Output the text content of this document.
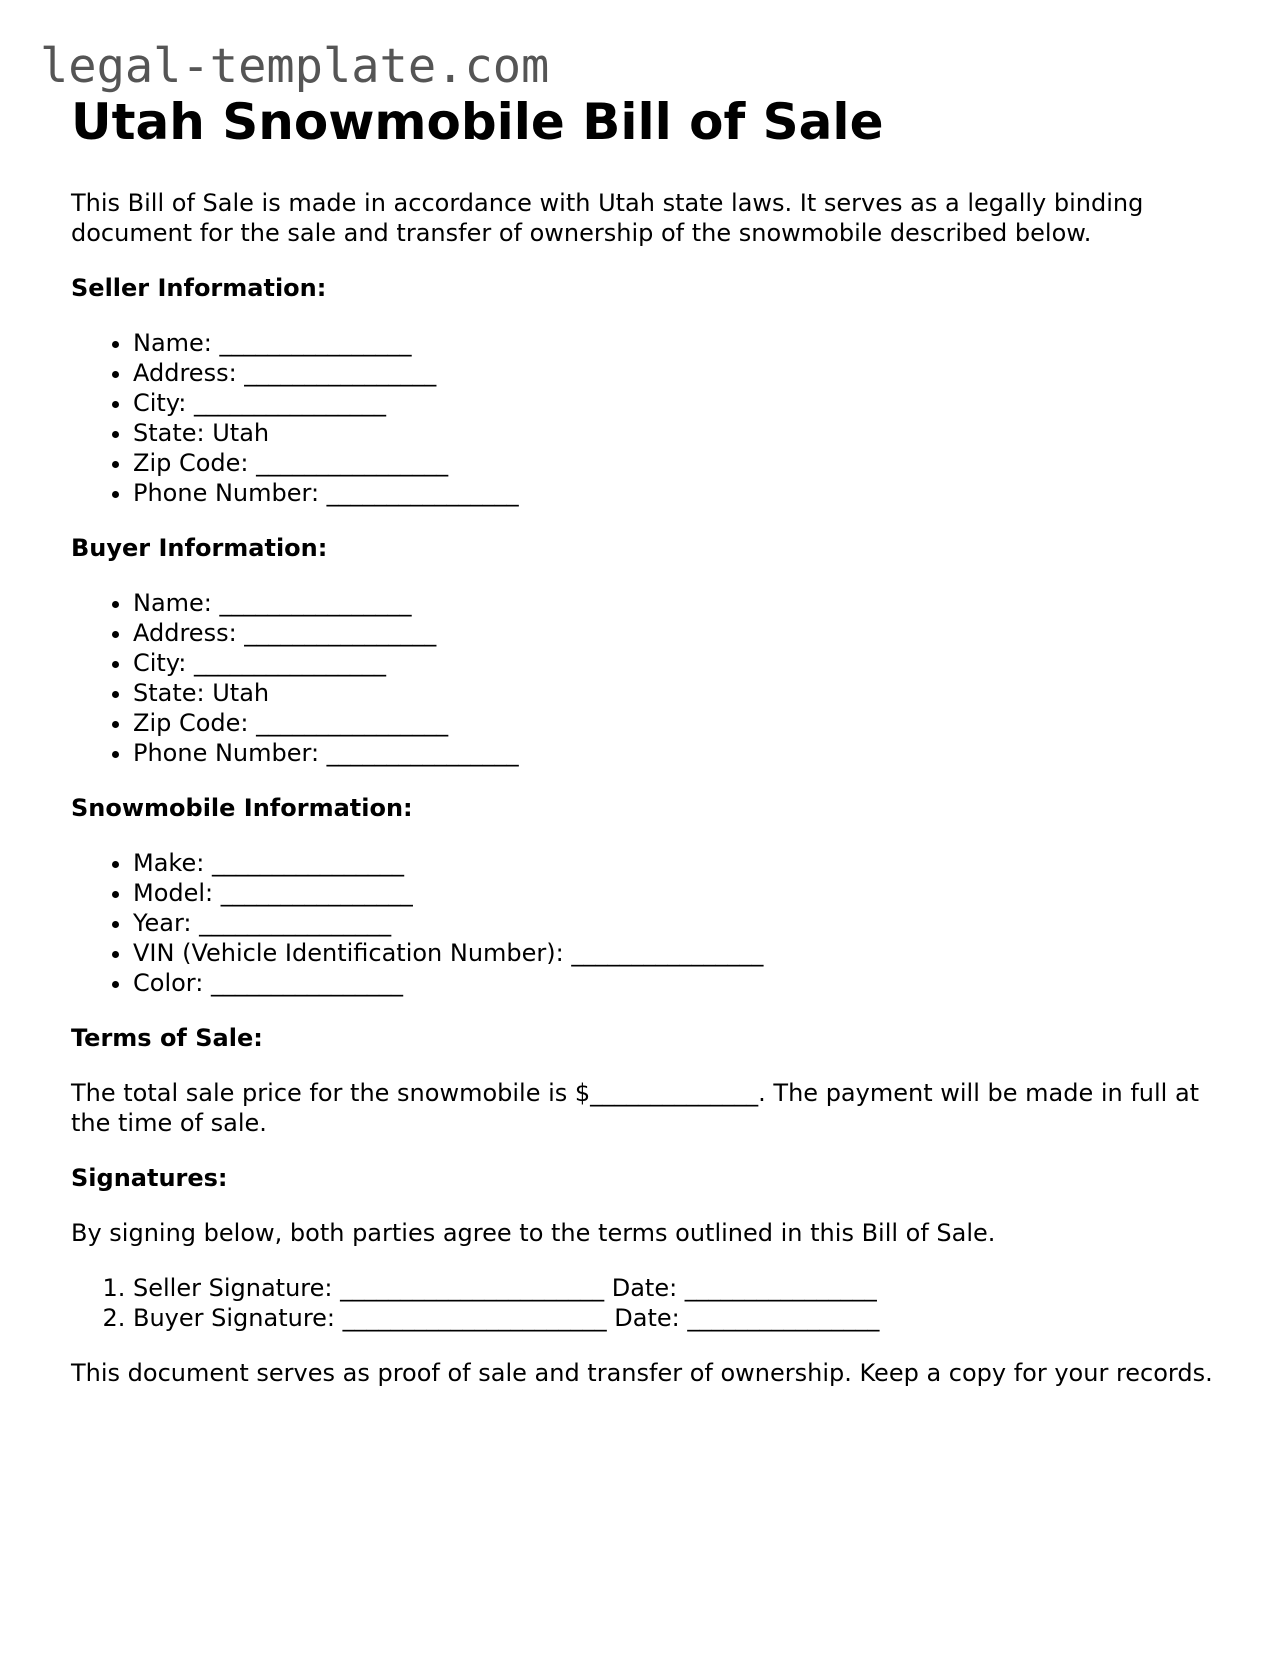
legal-template.com
Utah Snowmobile Bill of Sale

This Bill of Sale is made in accordance with Utah state laws. It serves as a legally binding document for the sale and transfer of ownership of the snowmobile described below.

Seller Information:
• Name: ________________
• Address: ________________
• City: ________________
• State: Utah
• Zip Code: ________________
• Phone Number: ________________
Buyer Information:
• Name: ________________
• Address: ________________
• City: ________________
• State: Utah
• Zip Code: ________________
• Phone Number: ________________
Snowmobile Information:
• Make: ________________
• Model: ________________
• Year: ________________
• VIN (Vehicle Identification Number): ________________
• Color: ________________
Terms of Sale:

The total sale price for the snowmobile is $______________. The payment will be made in full at the time of sale.

Signatures:

By signing below, both parties agree to the terms outlined in this Bill of Sale.

1. Seller Signature: ______________________ Date: ________________
2. Buyer Signature: ______________________ Date: ________________

This document serves as proof of sale and transfer of ownership. Keep a copy for your records.
